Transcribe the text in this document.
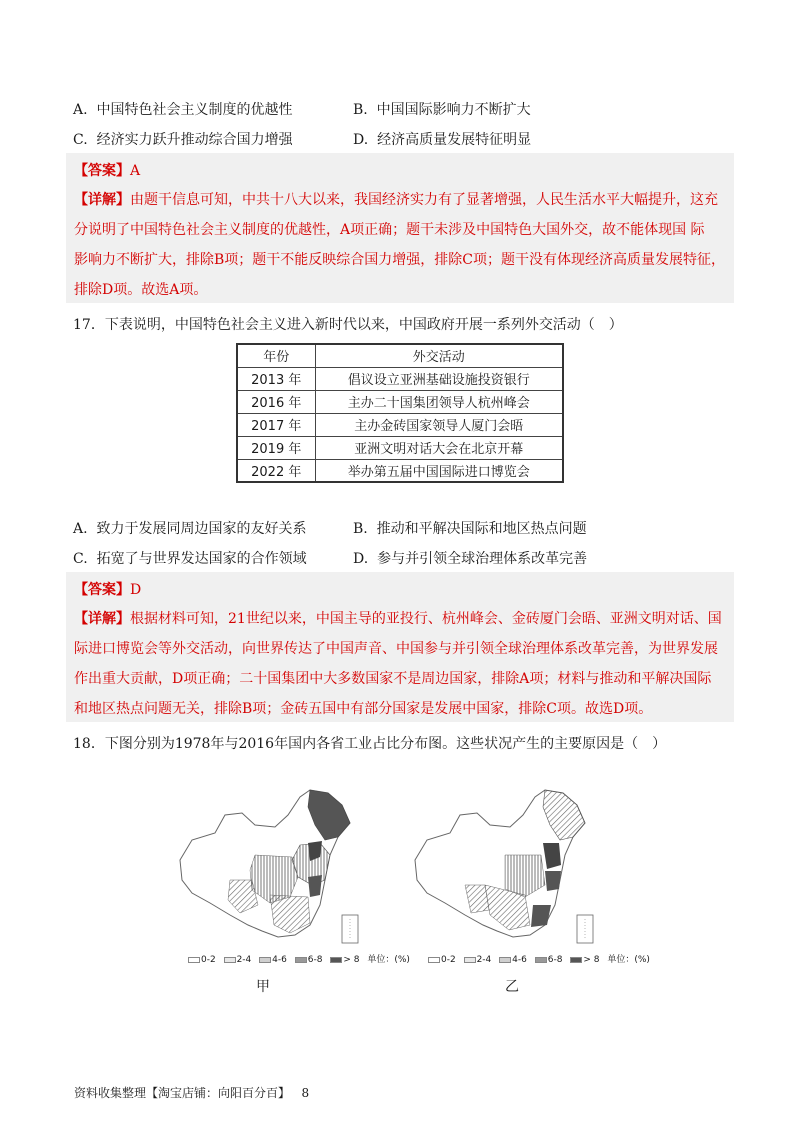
A. 中国特色社会主义制度的优越性	B. 中国国际影响力不断扩大
C. 经济实力跃升推动综合国力增强	D. 经济高质量发展特征明显
【答案】A
【详解】由题干信息可知，中共十八大以来，我国经济实力有了显著增强，人民生活水平大幅提升，这充
分说明了中国特色社会主义制度的优越性，A项正确；题干未涉及中国特色大国外交，故不能体现国 际
影响力不断扩大，排除B项；题干不能反映综合国力增强，排除C项；题干没有体现经济高质量发展特征，
排除D项。故选A项。
17．下表说明，中国特色社会主义进入新时代以来，中国政府开展一系列外交活动（　）
年份	外交活动
2013 年	倡议设立亚洲基础设施投资银行
2016 年	主办二十国集团领导人杭州峰会
2017 年	主办金砖国家领导人厦门会晤
2019 年	亚洲文明对话大会在北京开幕
2022 年	举办第五届中国国际进口博览会
A. 致力于发展同周边国家的友好关系	B. 推动和平解决国际和地区热点问题
C. 拓宽了与世界发达国家的合作领域	D. 参与并引领全球治理体系改革完善
【答案】D
【详解】根据材料可知，21世纪以来，中国主导的亚投行、杭州峰会、金砖厦门会晤、亚洲文明对话、国
际进口博览会等外交活动，向世界传达了中国声音、中国参与并引领全球治理体系改革完善，为世界发展
作出重大贡献，D项正确；二十国集团中大多数国家不是周边国家，排除A项；材料与推动和平解决国际
和地区热点问题无关，排除B项；金砖五国中有部分国家是发展中国家，排除C项。故选D项。
18．下图分别为1978年与2016年国内各省工业占比分布图。这些状况产生的主要原因是（　）
0-2 2-4 4-6 6-8 > 8 单位：(%)
甲
0-2 2-4 4-6 6-8 > 8 单位：(%)
乙
资料收集整理【淘宝店铺：向阳百分百】 8
